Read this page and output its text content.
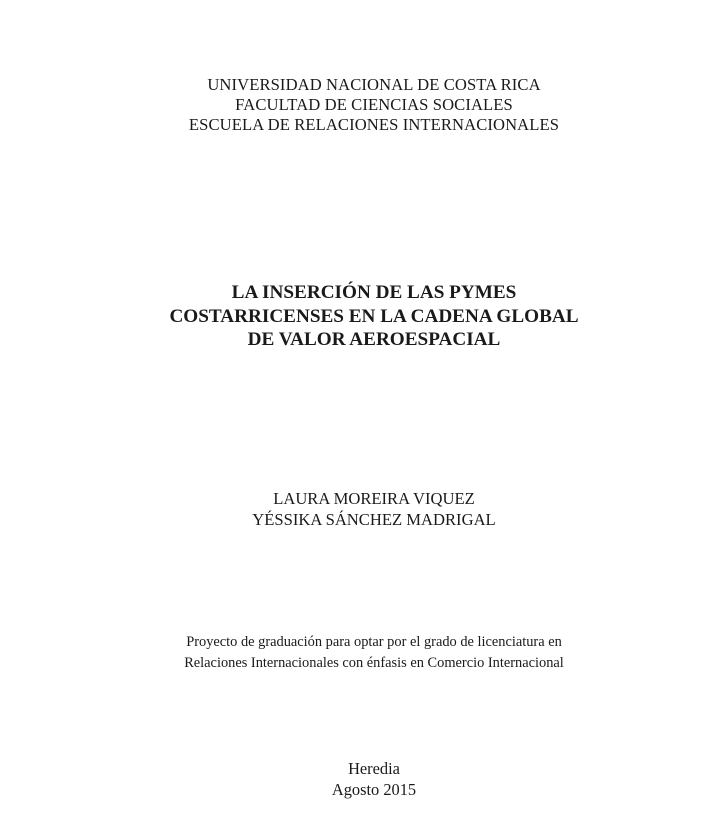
UNIVERSIDAD NACIONAL DE COSTA RICA
FACULTAD DE CIENCIAS SOCIALES
ESCUELA DE RELACIONES INTERNACIONALES
LA INSERCIÓN DE LAS PYMES
COSTARRICENSES EN LA CADENA GLOBAL
DE VALOR AEROESPACIAL
LAURA MOREIRA VIQUEZ
YÉSSIKA SÁNCHEZ MADRIGAL
Proyecto de graduación para optar por el grado de licenciatura en
Relaciones Internacionales con énfasis en Comercio Internacional
Heredia
Agosto 2015
